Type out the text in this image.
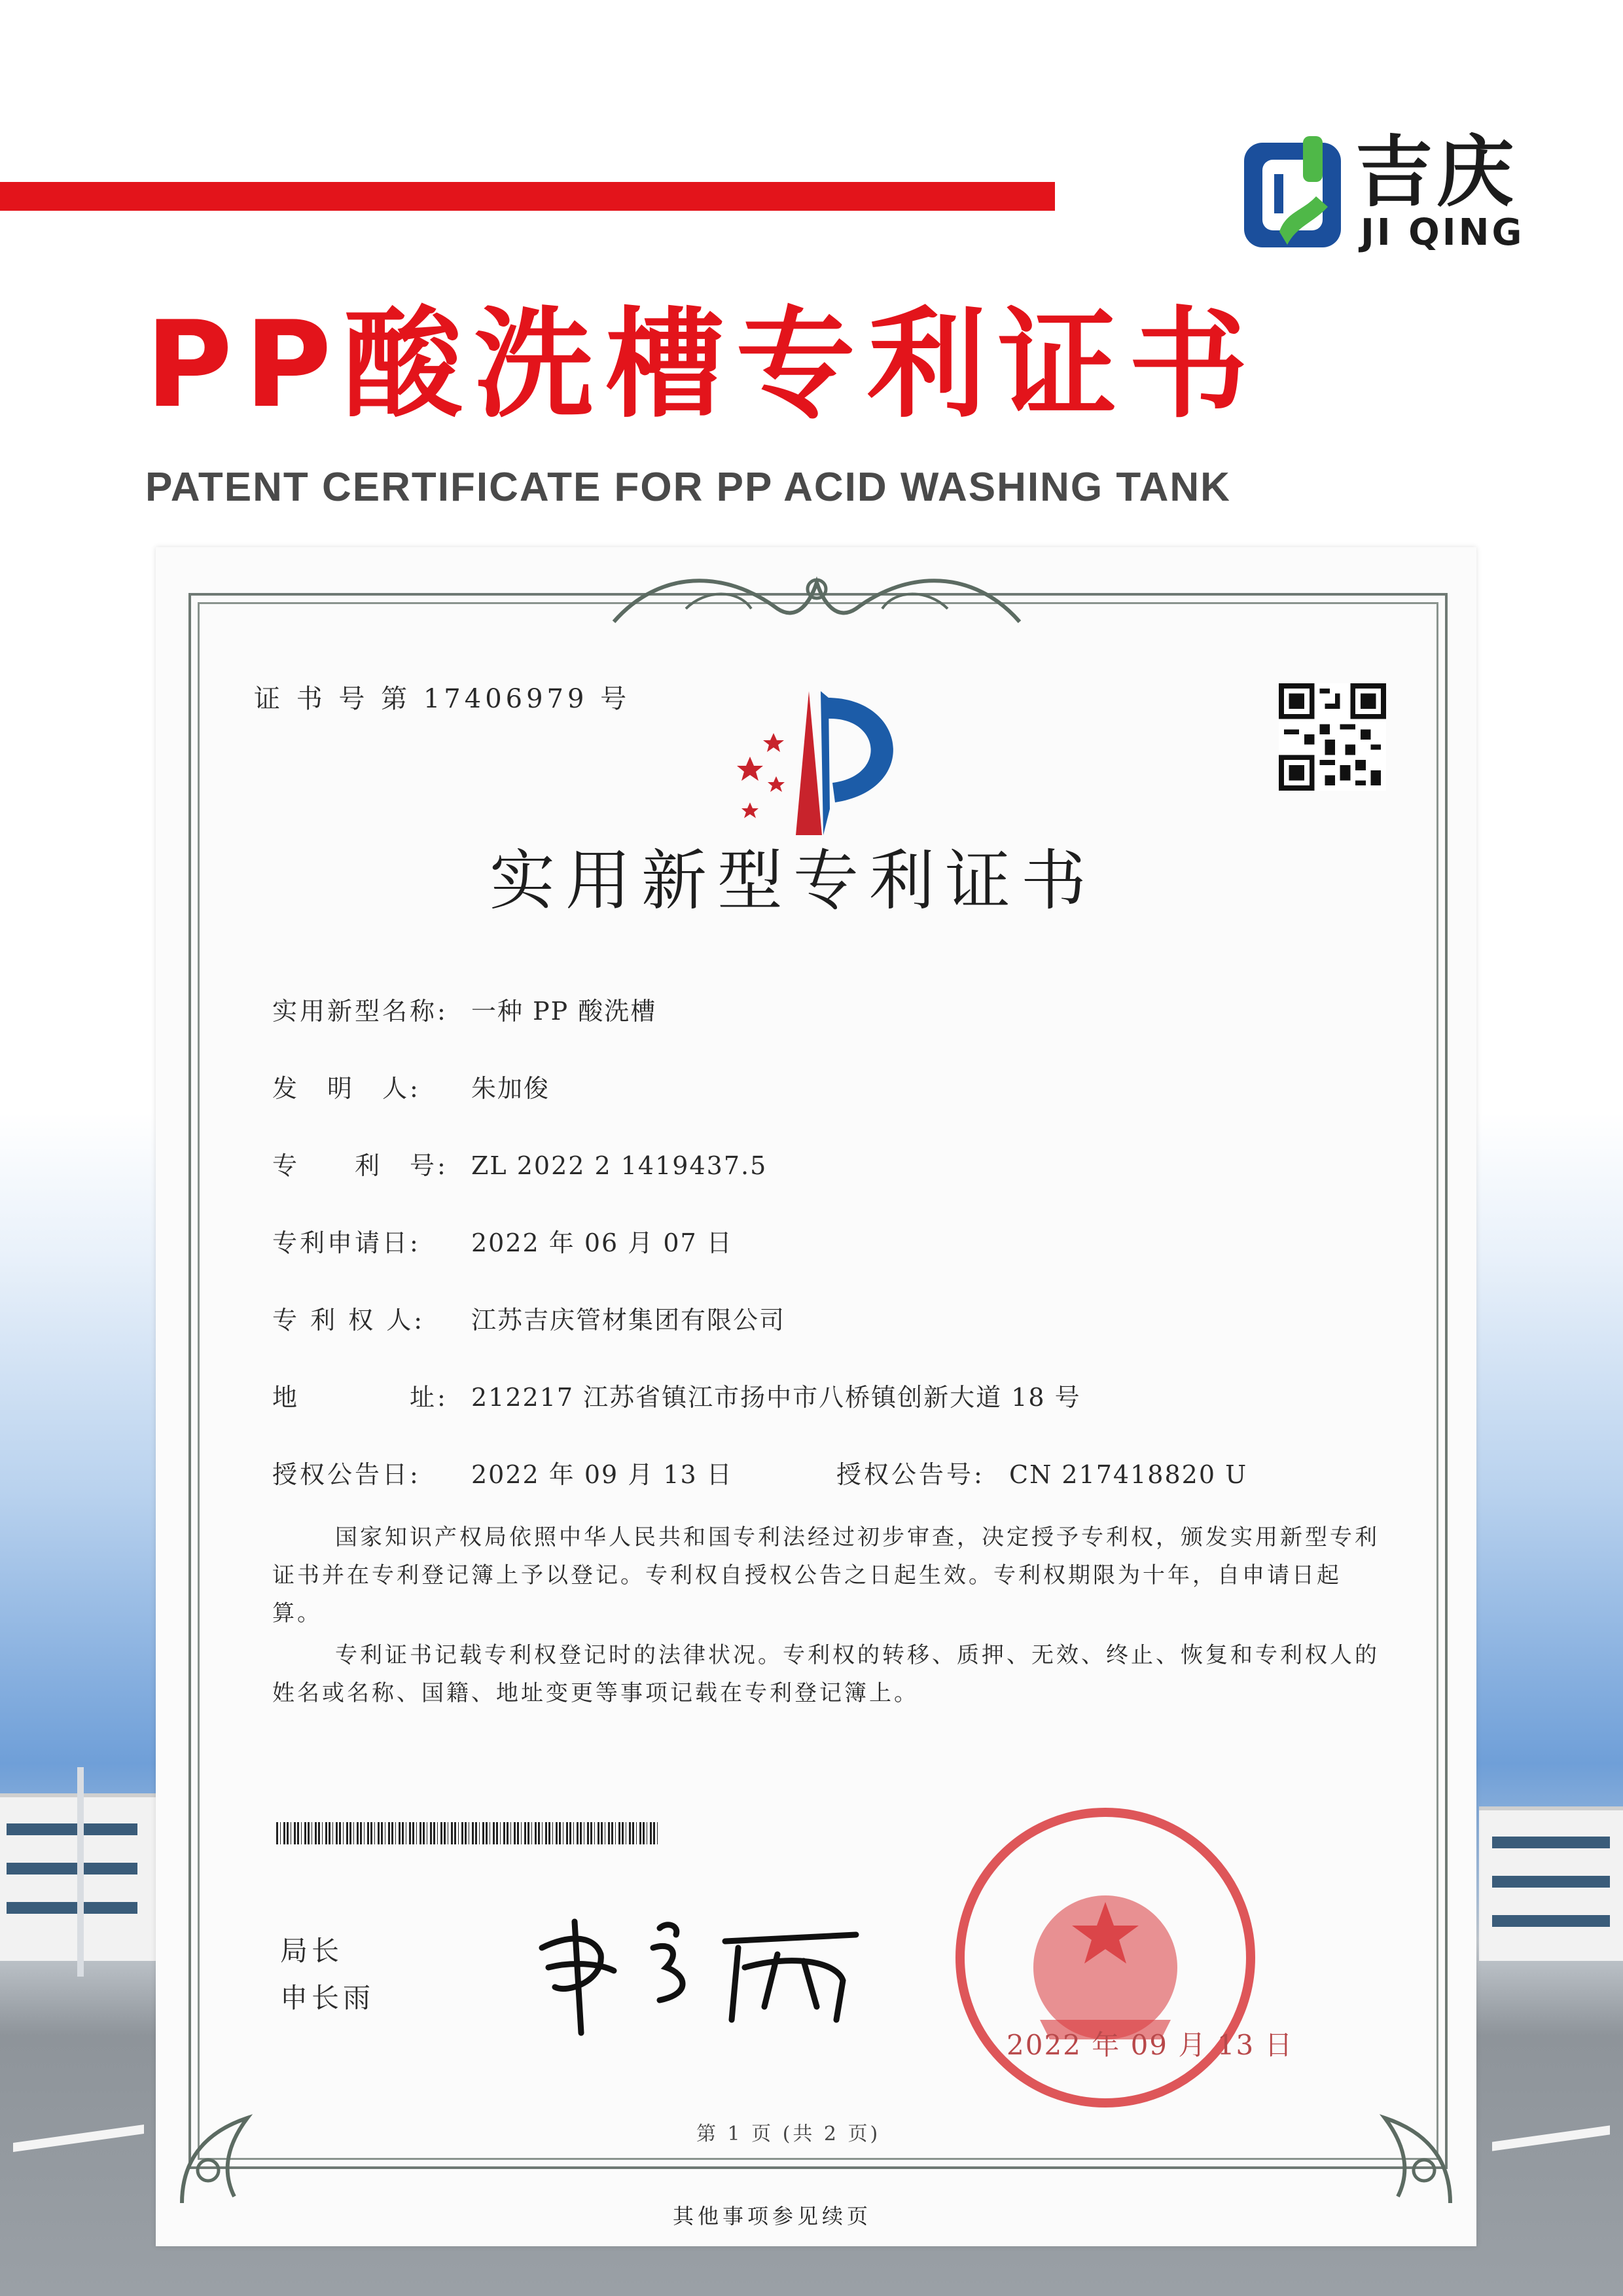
吉庆
JI QING
PP酸洗槽专利证书
PATENT CERTIFICATE FOR PP ACID WASHING TANK
证 书 号 第 17406979 号
实用新型专利证书
实用新型名称: 一种 PP 酸洗槽
发　明　人: 朱加俊
专　　利　号: ZL 2022 2 1419437.5
专利申请日: 2022 年 06 月 07 日
专 利 权 人: 江苏吉庆管材集团有限公司
地　　　　址: 212217 江苏省镇江市扬中市八桥镇创新大道 18 号
授权公告日: 2022 年 09 月 13 日	授权公告号: CN 217418820 U
国家知识产权局依照中华人民共和国专利法经过初步审查，决定授予专利权，颁发实用新型专利证书并在专利登记簿上予以登记。专利权自授权公告之日起生效。专利权期限为十年，自申请日起算。
专利证书记载专利权登记时的法律状况。专利权的转移、质押、无效、终止、恢复和专利权人的姓名或名称、国籍、地址变更等事项记载在专利登记簿上。
局长
申长雨
2022 年 09 月 13 日
第 1 页 (共 2 页)
其他事项参见续页
